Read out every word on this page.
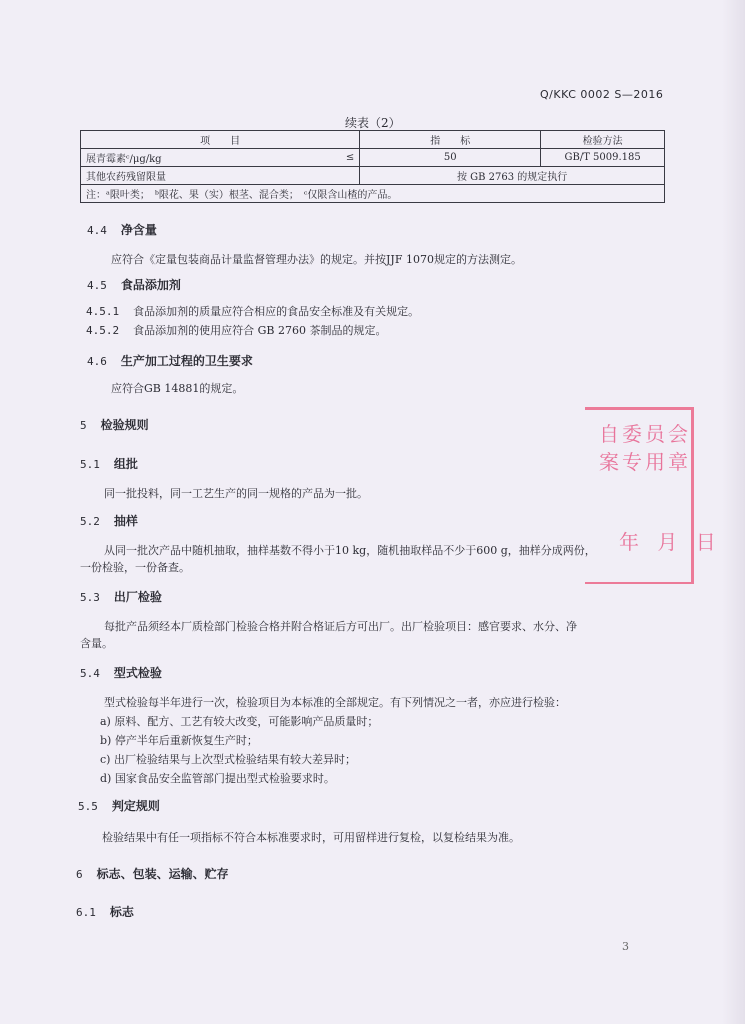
Q/KKC 0002 S—2016
续表（2）
项　　目		指　　标	检验方法
展青霉素ᶜ/μg/kg	≤	50	GB/T 5009.185
其他农药残留限量		按 GB 2763 的规定执行	
注：ᵃ限叶类；　ᵇ限花、果（实）根茎、混合类；　ᶜ仅限含山楂的产品。			
4.4 净含量
应符合《定量包装商品计量监督管理办法》的规定。并按JJF 1070规定的方法测定。
4.5 食品添加剂
4.5.1 食品添加剂的质量应符合相应的食品安全标准及有关规定。
4.5.2 食品添加剂的使用应符合 GB 2760 茶制品的规定。
4.6 生产加工过程的卫生要求
应符合GB 14881的规定。
5 检验规则
5.1 组批
同一批投料，同一工艺生产的同一规格的产品为一批。
5.2 抽样
从同一批次产品中随机抽取，抽样基数不得小于10 kg，随机抽取样品不少于600 g，抽样分成两份，
一份检验，一份备查。
5.3 出厂检验
每批产品须经本厂质检部门检验合格并附合格证后方可出厂。出厂检验项目：感官要求、水分、净
含量。
5.4 型式检验
型式检验每半年进行一次，检验项目为本标准的全部规定。有下列情况之一者，亦应进行检验：
a) 原料、配方、工艺有较大改变，可能影响产品质量时；
b) 停产半年后重新恢复生产时；
c) 出厂检验结果与上次型式检验结果有较大差异时；
d) 国家食品安全监管部门提出型式检验要求时。
5.5 判定规则
检验结果中有任一项指标不符合本标准要求时，可用留样进行复检，以复检结果为准。
6 标志、包装、运输、贮存
6.1 标志
自委员会
案专用章
年 月 日
3
